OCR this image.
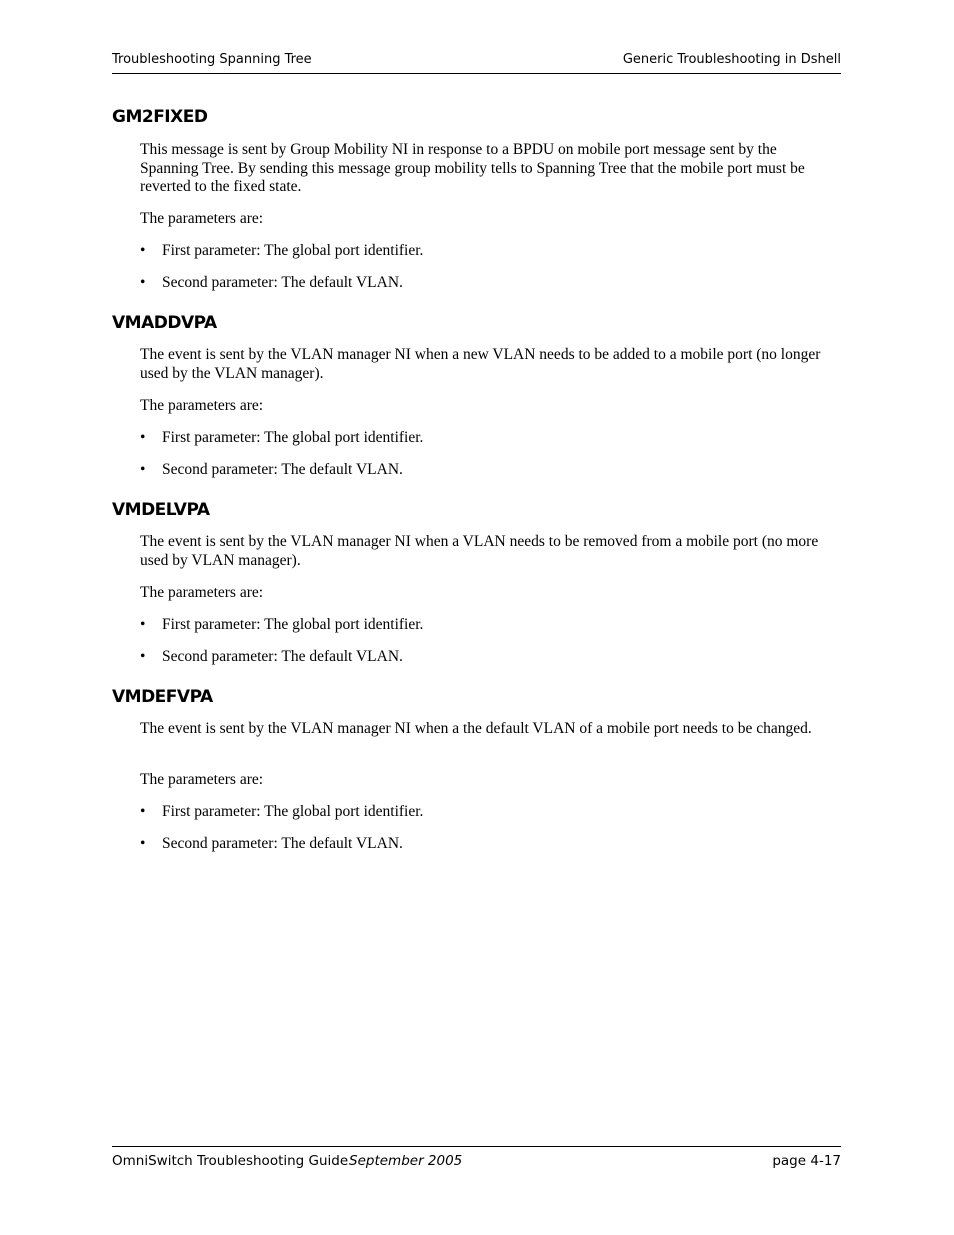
Troubleshooting Spanning Tree	Generic Troubleshooting in Dshell
GM2FIXED

This message is sent by Group Mobility NI in response to a BPDU on mobile port message sent by the Spanning Tree. By sending this message group mobility tells to Spanning Tree that the mobile port must be reverted to the fixed state.

The parameters are:

• First parameter: The global port identifier.
• Second parameter: The default VLAN.
VMADDVPA

The event is sent by the VLAN manager NI when a new VLAN needs to be added to a mobile port (no longer used by the VLAN manager).

The parameters are:

• First parameter: The global port identifier.
• Second parameter: The default VLAN.
VMDELVPA

The event is sent by the VLAN manager NI when a VLAN needs to be removed from a mobile port (no more used by VLAN manager).

The parameters are:

• First parameter: The global port identifier.
• Second parameter: The default VLAN.
VMDEFVPA

The event is sent by the VLAN manager NI when a the default VLAN of a mobile port needs to be changed.

The parameters are:

• First parameter: The global port identifier.
• Second parameter: The default VLAN.
OmniSwitch Troubleshooting Guide September 2005	page 4-17
